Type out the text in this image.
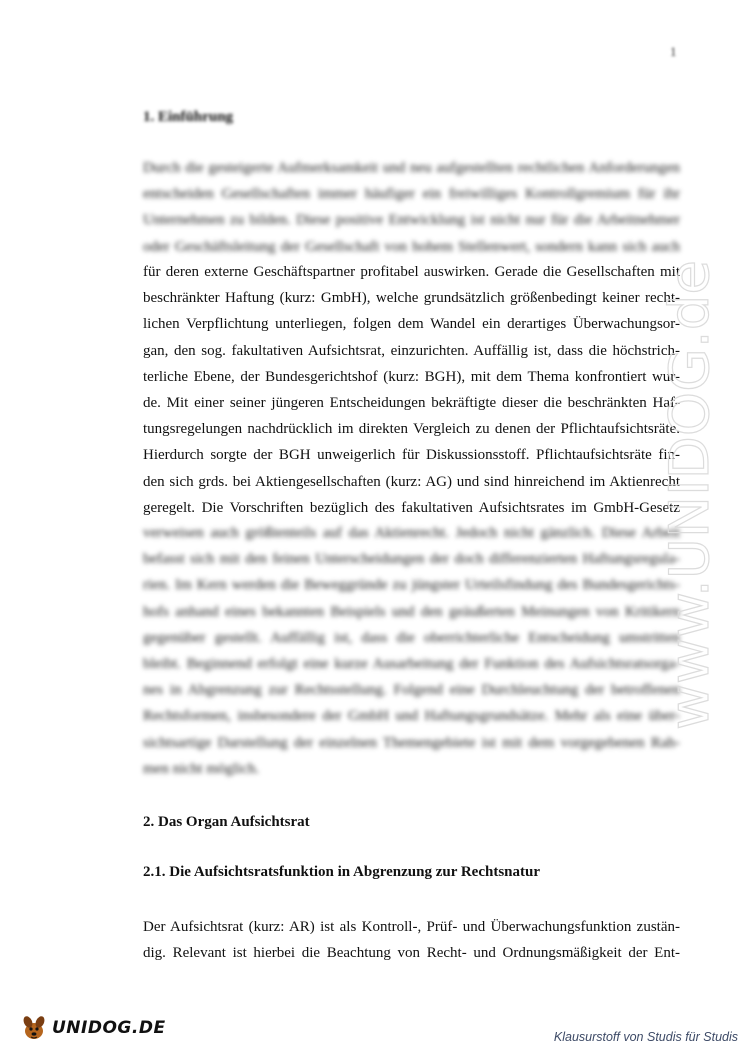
1
1. Einführung
Durch die gesteigerte Aufmerksamkeit und neu aufgestellten rechtlichen Anforderungen
entscheiden Gesellschaften immer häufiger ein freiwilliges Kontrollgremium für ihr
Unternehmen zu bilden. Diese positive Entwicklung ist nicht nur für die Arbeitnehmer
oder Geschäftsleitung der Gesellschaft von hohem Stellenwert, sondern kann sich auch
für deren externe Geschäftspartner profitabel auswirken. Gerade die Gesellschaften mit
beschränkter Haftung (kurz: GmbH), welche grundsätzlich größenbedingt keiner recht-
lichen Verpflichtung unterliegen, folgen dem Wandel ein derartiges Überwachungsor-
gan, den sog. fakultativen Aufsichtsrat, einzurichten. Auffällig ist, dass die höchstrich-
terliche Ebene, der Bundesgerichtshof (kurz: BGH), mit dem Thema konfrontiert wur-
de. Mit einer seiner jüngeren Entscheidungen bekräftigte dieser die beschränkten Haf-
tungsregelungen nachdrücklich im direkten Vergleich zu denen der Pflichtaufsichtsräte.
Hierdurch sorgte der BGH unweigerlich für Diskussionsstoff. Pflichtaufsichtsräte fin-
den sich grds. bei Aktiengesellschaften (kurz: AG) und sind hinreichend im Aktienrecht
geregelt. Die Vorschriften bezüglich des fakultativen Aufsichtsrates im GmbH-Gesetz
verweisen auch größtenteils auf das Aktienrecht. Jedoch nicht gänzlich. Diese Arbeit
befasst sich mit den feinen Unterscheidungen der doch differenzierten Haftungsregula-
rien. Im Kern werden die Beweggründe zu jüngster Urteilsfindung des Bundesgerichts-
hofs anhand eines bekannten Beispiels und den geäußerten Meinungen von Kritikern
gegenüber gestellt. Auffällig ist, dass die oberrichterliche Entscheidung umstritten
bleibt. Beginnend erfolgt eine kurze Ausarbeitung der Funktion des Aufsichtsratsorga-
nes in Abgrenzung zur Rechtsstellung. Folgend eine Durchleuchtung der betroffenen
Rechtsformen, insbesondere der GmbH und Haftungsgrundsätze. Mehr als eine über-
sichtsartige Darstellung der einzelnen Themengebiete ist mit dem vorgegebenen Rah-
men nicht möglich.
2. Das Organ Aufsichtsrat
2.1. Die Aufsichtsratsfunktion in Abgrenzung zur Rechtsnatur
Der Aufsichtsrat (kurz: AR) ist als Kontroll-, Prüf- und Überwachungsfunktion zustän-
dig. Relevant ist hierbei die Beachtung von Recht- und Ordnungsmäßigkeit der Ent-
www.UNIDOG.de
UNIDOG.DE	Klausurstoff von Studis für Studis
